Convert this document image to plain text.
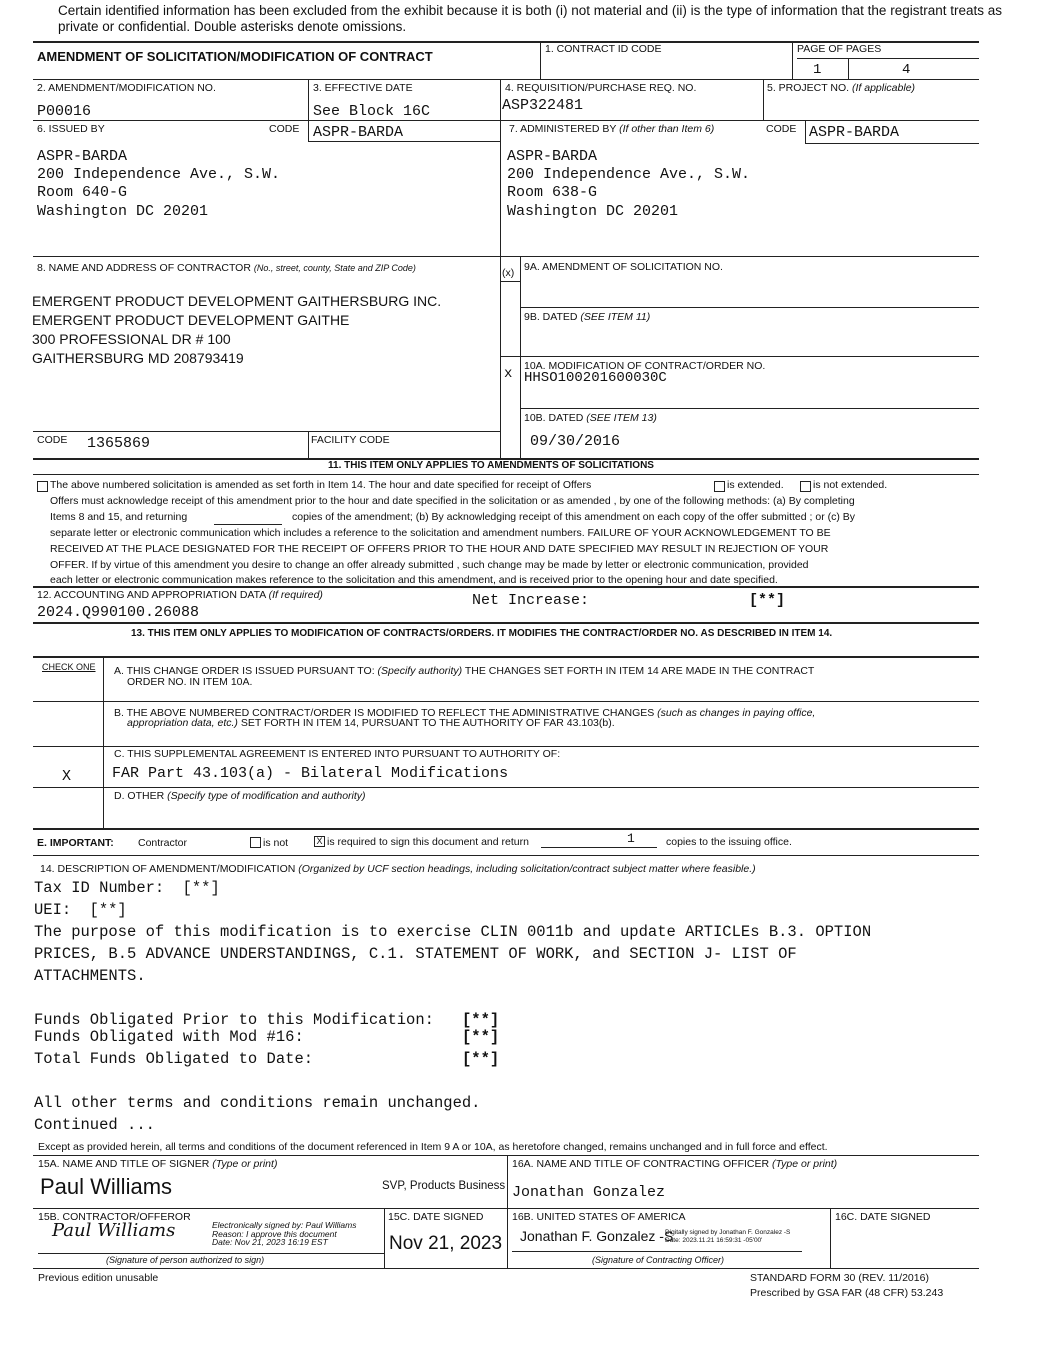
Certain identified information has been excluded from the exhibit because it is both (i) not material and (ii) is the type of information that the registrant treats as
private or confidential. Double asterisks denote omissions.
AMENDMENT OF SOLICITATION/MODIFICATION OF CONTRACT	1. CONTRACT ID CODE	PAGE OF PAGES
1	4
2. AMENDMENT/MODIFICATION NO.
P00016
3. EFFECTIVE DATE
See Block 16C
4. REQUISITION/PURCHASE REQ. NO.
ASP322481
5. PROJECT NO. (If applicable)
6. ISSUED BY	CODE ASPR-BARDA
ASPR-BARDA
200 Independence Ave., S.W.
Room 640-G
Washington DC 20201
7. ADMINISTERED BY (If other than Item 6)	CODE ASPR-BARDA
ASPR-BARDA
200 Independence Ave., S.W.
Room 638-G
Washington DC 20201
8. NAME AND ADDRESS OF CONTRACTOR (No., street, county, State and ZIP Code)
EMERGENT PRODUCT DEVELOPMENT GAITHERSBURG INC.
EMERGENT PRODUCT DEVELOPMENT GAITHE
300 PROFESSIONAL DR # 100
GAITHERSBURG MD 208793419
CODE 1365869	FACILITY CODE
(x) 9A. AMENDMENT OF SOLICITATION NO.
9B. DATED (SEE ITEM 11)
x 10A. MODIFICATION OF CONTRACT/ORDER NO.
HHSO100201600030C
10B. DATED (SEE ITEM 13)
09/30/2016
11. THIS ITEM ONLY APPLIES TO AMENDMENTS OF SOLICITATIONS
The above numbered solicitation is amended as set forth in Item 14. The hour and date specified for receipt of Offers	is extended.	is not extended.
Offers must acknowledge receipt of this amendment prior to the hour and date specified in the solicitation or as amended , by one of the following methods: (a) By completing
Items 8 and 15, and returning	copies of the amendment; (b) By acknowledging receipt of this amendment on each copy of the offer submitted ; or (c) By
separate letter or electronic communication which includes a reference to the solicitation and amendment numbers. FAILURE OF YOUR ACKNOWLEDGEMENT TO BE
RECEIVED AT THE PLACE DESIGNATED FOR THE RECEIPT OF OFFERS PRIOR TO THE HOUR AND DATE SPECIFIED MAY RESULT IN REJECTION OF YOUR
OFFER. If by virtue of this amendment you desire to change an offer already submitted , such change may be made by letter or electronic communication, provided
each letter or electronic communication makes reference to the solicitation and this amendment, and is received prior to the opening hour and date specified.
12. ACCOUNTING AND APPROPRIATION DATA (If required)
2024.Q990100.26088
Net Increase:	[**]
13. THIS ITEM ONLY APPLIES TO MODIFICATION OF CONTRACTS/ORDERS. IT MODIFIES THE CONTRACT/ORDER NO. AS DESCRIBED IN ITEM 14.
CHECK ONE A. THIS CHANGE ORDER IS ISSUED PURSUANT TO: (Specify authority) THE CHANGES SET FORTH IN ITEM 14 ARE MADE IN THE CONTRACT
ORDER NO. IN ITEM 10A.
B. THE ABOVE NUMBERED CONTRACT/ORDER IS MODIFIED TO REFLECT THE ADMINISTRATIVE CHANGES (such as changes in paying office,
appropriation data, etc.) SET FORTH IN ITEM 14, PURSUANT TO THE AUTHORITY OF FAR 43.103(b).
C. THIS SUPPLEMENTAL AGREEMENT IS ENTERED INTO PURSUANT TO AUTHORITY OF:
X	FAR Part 43.103(a) - Bilateral Modifications
D. OTHER (Specify type of modification and authority)
E. IMPORTANT: Contractor	is not	X is required to sign this document and return	1	copies to the issuing office.
14. DESCRIPTION OF AMENDMENT/MODIFICATION (Organized by UCF section headings, including solicitation/contract subject matter where feasible.)
Tax ID Number: [**]
UEI: [**]
The purpose of this modification is to exercise CLIN 0011b and update ARTICLEs B.3. OPTION
PRICES, B.5 ADVANCE UNDERSTANDINGS, C.1. STATEMENT OF WORK, and SECTION J- LIST OF
ATTACHMENTS.
Funds Obligated Prior to this Modification: [**]
Funds Obligated with Mod #16:	[**]
Total Funds Obligated to Date:	[**]
All other terms and conditions remain unchanged.
Continued ...
Except as provided herein, all terms and conditions of the document referenced in Item 9 A or 10A, as heretofore changed, remains unchanged and in full force and effect.
15A. NAME AND TITLE OF SIGNER (Type or print)
Paul Williams	SVP, Products Business
16A. NAME AND TITLE OF CONTRACTING OFFICER (Type or print)
Jonathan Gonzalez
15B. CONTRACTOR/OFFEROR
Paul Williams	Electronically signed by: Paul Williams
Reason: I approve this document
Date: Nov 21, 2023 16:19 EST
(Signature of person authorized to sign)
15C. DATE SIGNED
Nov 21, 2023
16B. UNITED STATES OF AMERICA
Jonathan F. Gonzalez -S
Digitally signed by Jonathan F. Gonzalez -S
Date: 2023.11.21 16:59:31 -05'00'
(Signature of Contracting Officer)
16C. DATE SIGNED
Previous edition unusable	STANDARD FORM 30 (REV. 11/2016)
Prescribed by GSA FAR (48 CFR) 53.243
